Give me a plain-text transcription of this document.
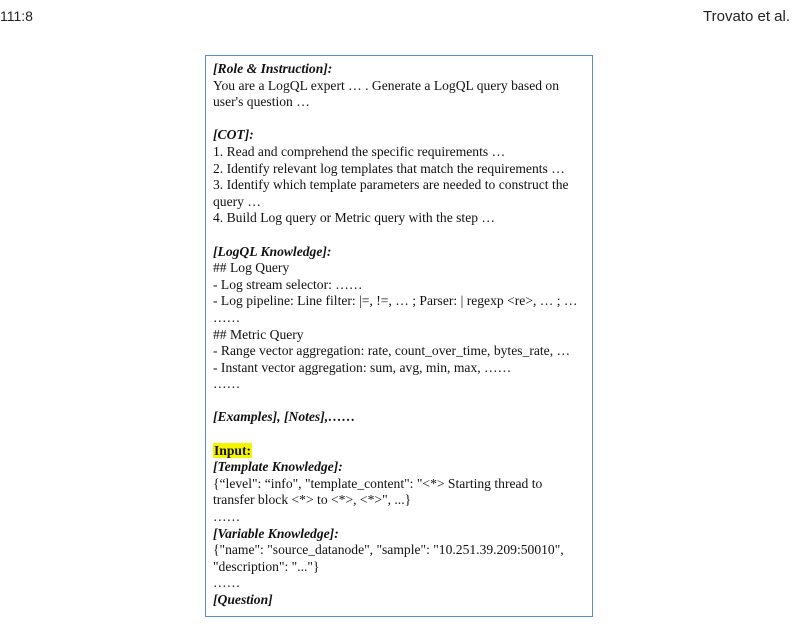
111:8	Trovato et al.
[Role & Instruction]:
You are a LogQL expert … . Generate a LogQL query based on
user's question …
[COT]:
1. Read and comprehend the specific requirements …
2. Identify relevant log templates that match the requirements …
3. Identify which template parameters are needed to construct the
query …
4. Build Log query or Metric query with the step …
[LogQL Knowledge]:
## Log Query
- Log stream selector: ……
- Log pipeline: Line filter: |=, !=, … ; Parser: | regexp <re>, … ; …
……
## Metric Query
- Range vector aggregation: rate, count_over_time, bytes_rate, …
- Instant vector aggregation: sum, avg, min, max, ……
……
[Examples], [Notes],……
Input:
[Template Knowledge]:
{“level": “info", "template_content": "<*> Starting thread to
transfer block <*> to <*>, <*>", ...}
……
[Variable Knowledge]:
{"name": "source_datanode", "sample": "10.251.39.209:50010",
"description": "..."}
……
[Question]
